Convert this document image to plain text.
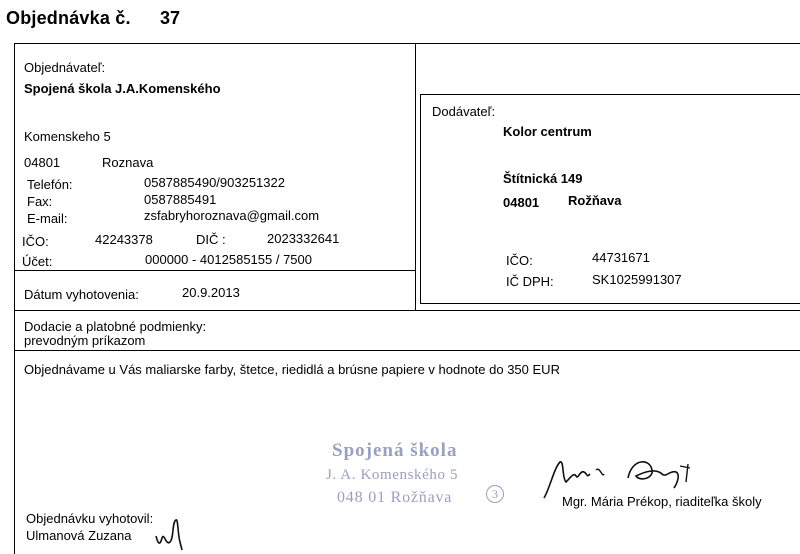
Objednávka č. 37
Objednávateľ:
Spojená škola J.A.Komenského
Komenskeho 5
04801	Roznava
Telefón:	0587885490/903251322
Fax:	0587885491
E-mail:	zsfabryhoroznava@gmail.com
IČO:	42243378	DIČ :	2023332641
Účet:	000000 - 4012585155 / 7500
Dodávateľ:
Kolor centrum
Štítnická 149
04801 Rožňava
IČO:	44731671
IČ DPH:	SK1025991307
Dátum vyhotovenia:	20.9.2013
Dodacie a platobné podmienky:
prevodným príkazom
Objednávame u Vás maliarske farby, štetce, riedidlá a brúsne papiere v hodnote do 350 EUR
Spojená škola
J. A. Komenského 5
048 01 Rožňava	3	Mgr. Mária Prékop, riaditeľka školy
Objednávku vyhotovil:
Ulmanová Zuzana
